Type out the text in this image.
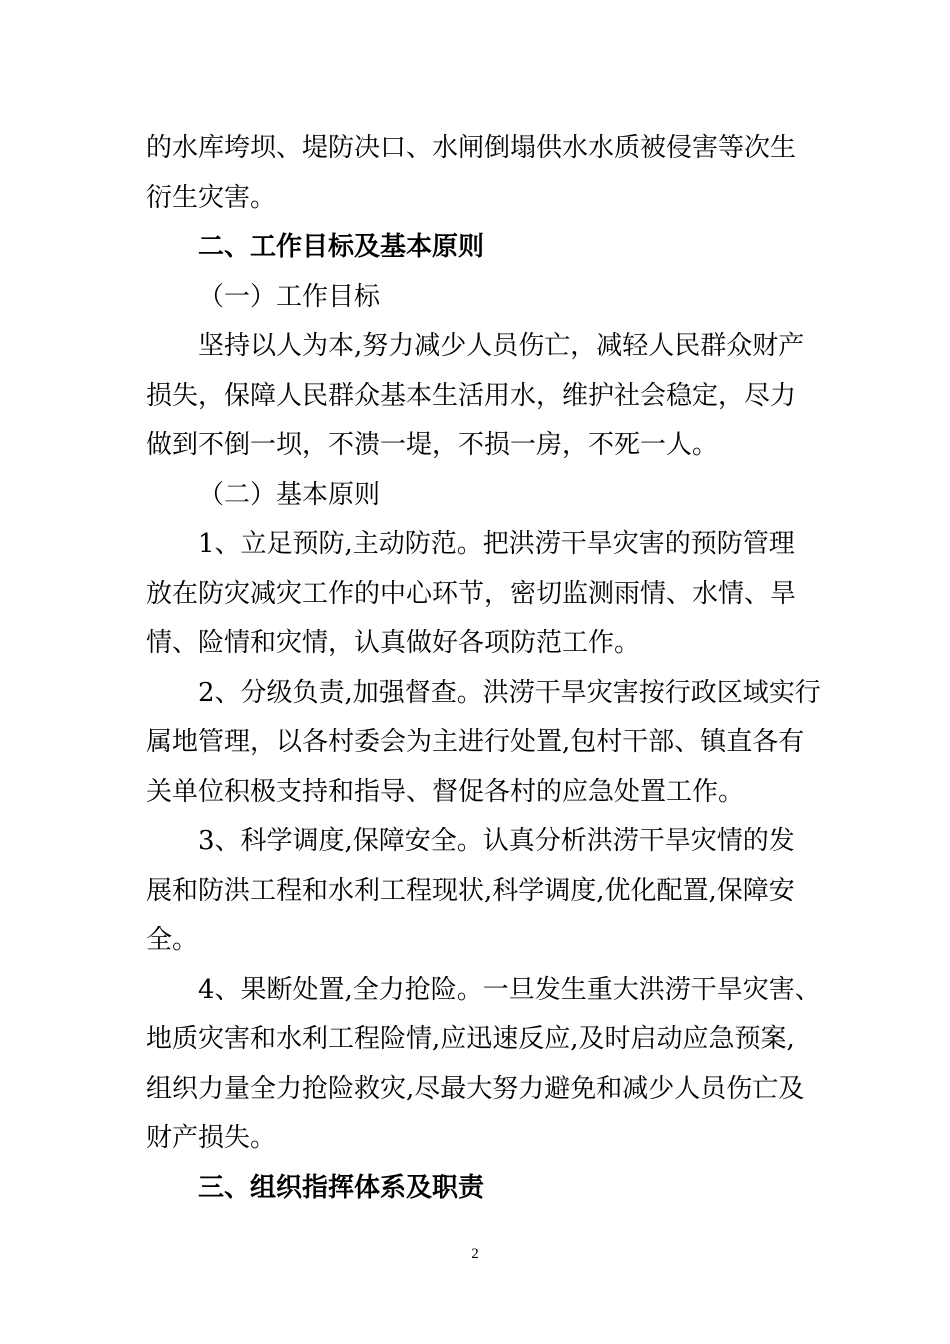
的水库垮坝、堤防决口、水闸倒塌供水水质被侵害等次生

衍生灾害。

二、工作目标及基本原则

（一）工作目标

坚持以人为本,努力减少人员伤亡，减轻人民群众财产

损失，保障人民群众基本生活用水，维护社会稳定，尽力

做到不倒一坝，不溃一堤，不损一房，不死一人。

（二）基本原则

1、立足预防,主动防范。把洪涝干旱灾害的预防管理

放在防灾减灾工作的中心环节，密切监测雨情、水情、旱

情、险情和灾情，认真做好各项防范工作。

2、分级负责,加强督查。洪涝干旱灾害按行政区域实行

属地管理，以各村委会为主进行处置,包村干部、镇直各有

关单位积极支持和指导、督促各村的应急处置工作。

3、科学调度,保障安全。认真分析洪涝干旱灾情的发

展和防洪工程和水利工程现状,科学调度,优化配置,保障安

全。

4、果断处置,全力抢险。一旦发生重大洪涝干旱灾害、

地质灾害和水利工程险情,应迅速反应,及时启动应急预案,

组织力量全力抢险救灾,尽最大努力避免和减少人员伤亡及

财产损失。

三、组织指挥体系及职责

2
